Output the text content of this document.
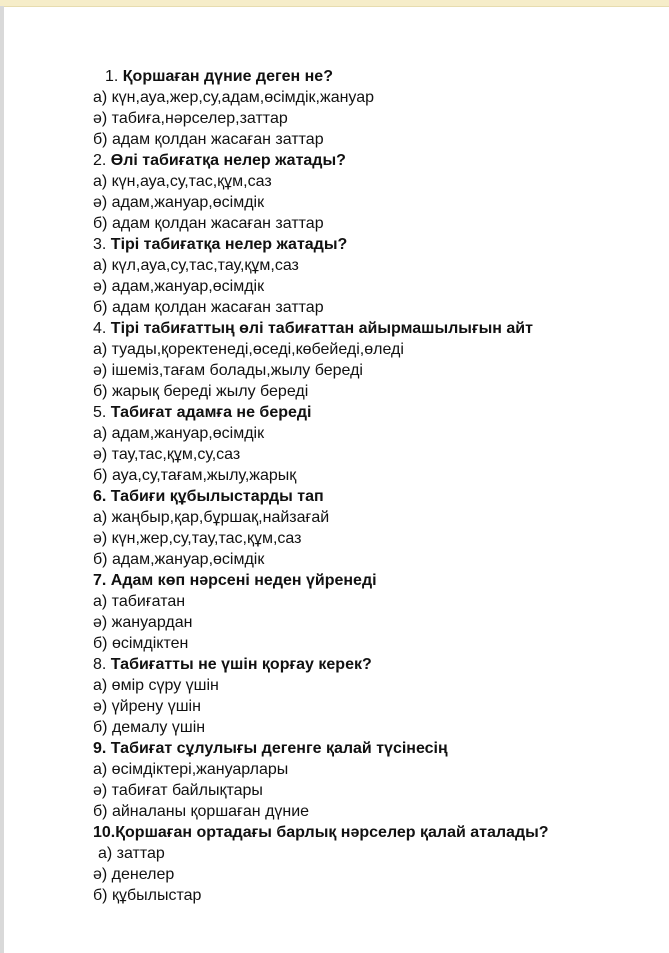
1. Қоршаған дүние деген не?
а) күн,ауа,жер,су,адам,өсімдік,жануар
ә) табиға,нәрселер,заттар
б) адам қолдан жасаған заттар
2. Өлі табиғатқа нелер жатады?
а) күн,ауа,су,тас,құм,саз
ә) адам,жануар,өсімдік
б) адам қолдан жасаған заттар
3. Тірі табиғатқа нелер жатады?
а) күл,ауа,су,тас,тау,құм,саз
ә) адам,жануар,өсімдік
б) адам қолдан жасаған заттар
4. Тірі табиғаттың өлі табиғаттан айырмашылығын айт
а) туады,қоректенеді,өседі,көбейеді,өледі
ә) ішеміз,тағам болады,жылу береді
б) жарық береді жылу береді
5. Табиғат адамға не береді
а) адам,жануар,өсімдік
ә) тау,тас,құм,су,саз
б) ауа,су,тағам,жылу,жарық
6. Табиғи құбылыстарды тап
а) жаңбыр,қар,бұршақ,найзағай
ә) күн,жер,су,тау,тас,құм,саз
б) адам,жануар,өсімдік
7. Адам көп нәрсені неден үйренеді
а) табиғатан
ә) жануардан
б) өсімдіктен
8. Табиғатты не үшін қорғау керек?
а) өмір сүру үшін
ә) үйрену үшін
б) демалу үшін
9. Табиғат сұлулығы дегенге қалай түсінесің
а) өсімдіктері,жануарлары
ә) табиғат байлықтары
б) айналаны қоршаған дүние
10.Қоршаған ортадағы барлық нәрселер қалай аталады?
а) заттар
ә) денелер
б) құбылыстар
